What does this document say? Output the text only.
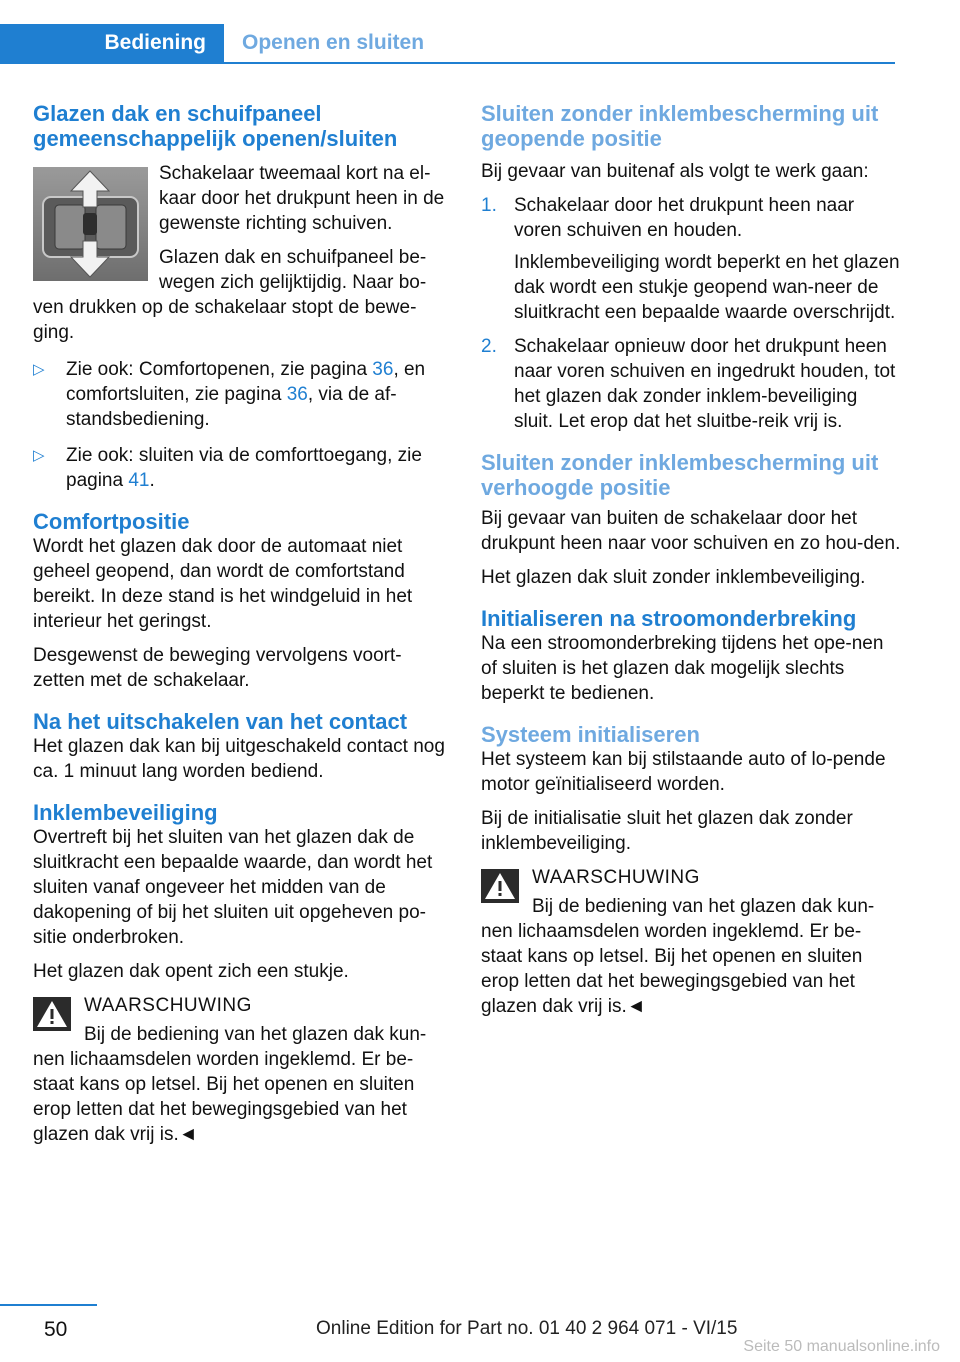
Bediening	Openen en sluiten
Glazen dak en schuifpaneel gemeenschappelijk openen/sluiten

Schakelaar tweemaal kort na el‐kaar door het drukpunt heen in de gewenste richting schuiven.

Glazen dak en schuifpaneel be‐wegen zich gelijktijdig. Naar bo‐ven drukken op de schakelaar stopt de bewe‐ging.

▷ Zie ook: Comfortopenen, zie pagina 36, en comfortsluiten, zie pagina 36, via de af‐standsbediening.
▷ Zie ook: sluiten via de comforttoegang, zie pagina 41.
Comfortpositie

Wordt het glazen dak door de automaat niet geheel geopend, dan wordt de comfortstand bereikt. In deze stand is het windgeluid in het interieur het geringst.

Desgewenst de beweging vervolgens voort‐zetten met de schakelaar.

Na het uitschakelen van het contact

Het glazen dak kan bij uitgeschakeld contact nog ca. 1 minuut lang worden bediend.

Inklembeveiliging

Overtreft bij het sluiten van het glazen dak de sluitkracht een bepaalde waarde, dan wordt het sluiten vanaf ongeveer het midden van de dakopening of bij het sluiten uit opgeheven po‐sitie onderbroken.

Het glazen dak opent zich een stukje.

WAARSCHUWING

Bij de bediening van het glazen dak kun‐nen lichaamsdelen worden ingeklemd. Er be‐staat kans op letsel. Bij het openen en sluiten erop letten dat het bewegingsgebied van het glazen dak vrij is.◄

Sluiten zonder inklembescherming uit geopende positie

Bij gevaar van buitenaf als volgt te werk gaan:

1. Schakelaar door het drukpunt heen naar voren schuiven en houden.

Inklembeveiliging wordt beperkt en het glazen dak wordt een stukje geopend wan‐neer de sluitkracht een bepaalde waarde overschrijdt.

2. Schakelaar opnieuw door het drukpunt heen naar voren schuiven en ingedrukt houden, tot het glazen dak zonder inklem‐beveiliging sluit. Let erop dat het sluitbe‐reik vrij is.

Sluiten zonder inklembescherming uit verhoogde positie

Bij gevaar van buiten de schakelaar door het drukpunt heen naar voor schuiven en zo hou‐den.

Het glazen dak sluit zonder inklembeveiliging.

Initialiseren na stroomonderbreking

Na een stroomonderbreking tijdens het ope‐nen of sluiten is het glazen dak mogelijk slechts beperkt te bedienen.

Systeem initialiseren

Het systeem kan bij stilstaande auto of lo‐pende motor geïnitialiseerd worden.

Bij de initialisatie sluit het glazen dak zonder inklembeveiliging.

WAARSCHUWING

Bij de bediening van het glazen dak kun‐nen lichaamsdelen worden ingeklemd. Er be‐staat kans op letsel. Bij het openen en sluiten erop letten dat het bewegingsgebied van het glazen dak vrij is.◄

50	Online Edition for Part no. 01 40 2 964 071 - VI/15
Seite 50 manualsonline.info
